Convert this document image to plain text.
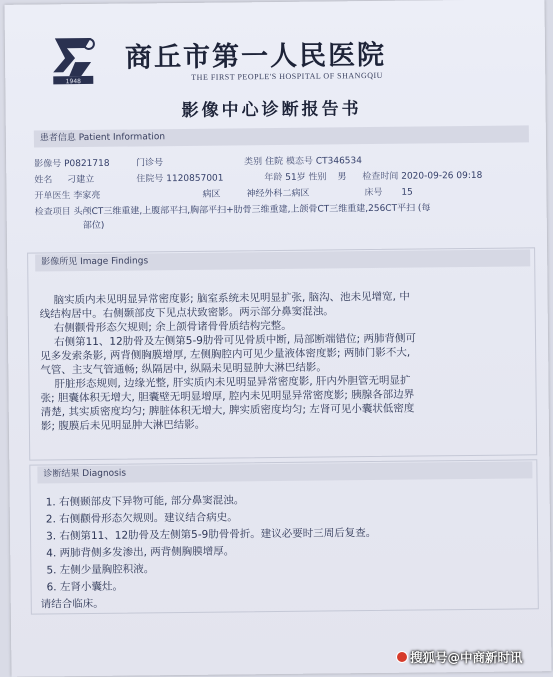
1948
商丘市第一人民医院
THE FIRST PEOPLE'S HOSPITAL OF SHANGQIU
影像中心诊断报告书
患者信息 Patient Information
影像号 P0821718	门诊号	类别 住院 模态号 CT346534
姓名 刁建立	住院号 1120857001	年龄 51岁 性别 男 检查时间 2020-09-26 09:18
开单医生 李家亮	病区	神经外科二病区	床号 15
检查项目 头颅CT三维重建,上腹部平扫,胸部平扫+肋骨三维重建,上颌骨CT三维重建,256CT平扫 (每
部位)
影像所见 Image Findings
脑实质内未见明显异常密度影; 脑室系统未见明显扩张, 脑沟、池未见增宽, 中
线结构居中。右侧颞部皮下见点状致密影。两示部分鼻窦混浊。
右侧颧骨形态欠规则; 余上颌骨诸骨骨质结构完整。
右侧第11、12肋骨及左侧第5-9肋骨可见骨质中断, 局部断端错位; 两肺背侧可
见多发索条影, 两背侧胸膜增厚, 左侧胸腔内可见少量液体密度影; 两肺门影不大,
气管、主支气管通畅; 纵隔居中, 纵隔未见明显肿大淋巴结影。
肝脏形态规则, 边缘光整, 肝实质内未见明显异常密度影, 肝内外胆管无明显扩
张; 胆囊体积无增大, 胆囊壁无明显增厚, 腔内未见明显异常密度影; 胰腺各部边界
清楚, 其实质密度均匀; 脾脏体积无增大, 脾实质密度均匀; 左肾可见小囊状低密度
影; 腹膜后未见明显肿大淋巴结影。
诊断结果 Diagnosis
1. 右侧颞部皮下异物可能, 部分鼻窦混浊。
2. 右侧颧骨形态欠规则。建议结合病史。
3. 右侧第11、12肋骨及左侧第5-9肋骨骨折。建议必要时三周后复查。
4. 两肺背侧多发渗出, 两背侧胸膜增厚。
5. 左侧少量胸腔积液。
6. 左肾小囊灶。
请结合临床。
搜狐号@中商新时讯
